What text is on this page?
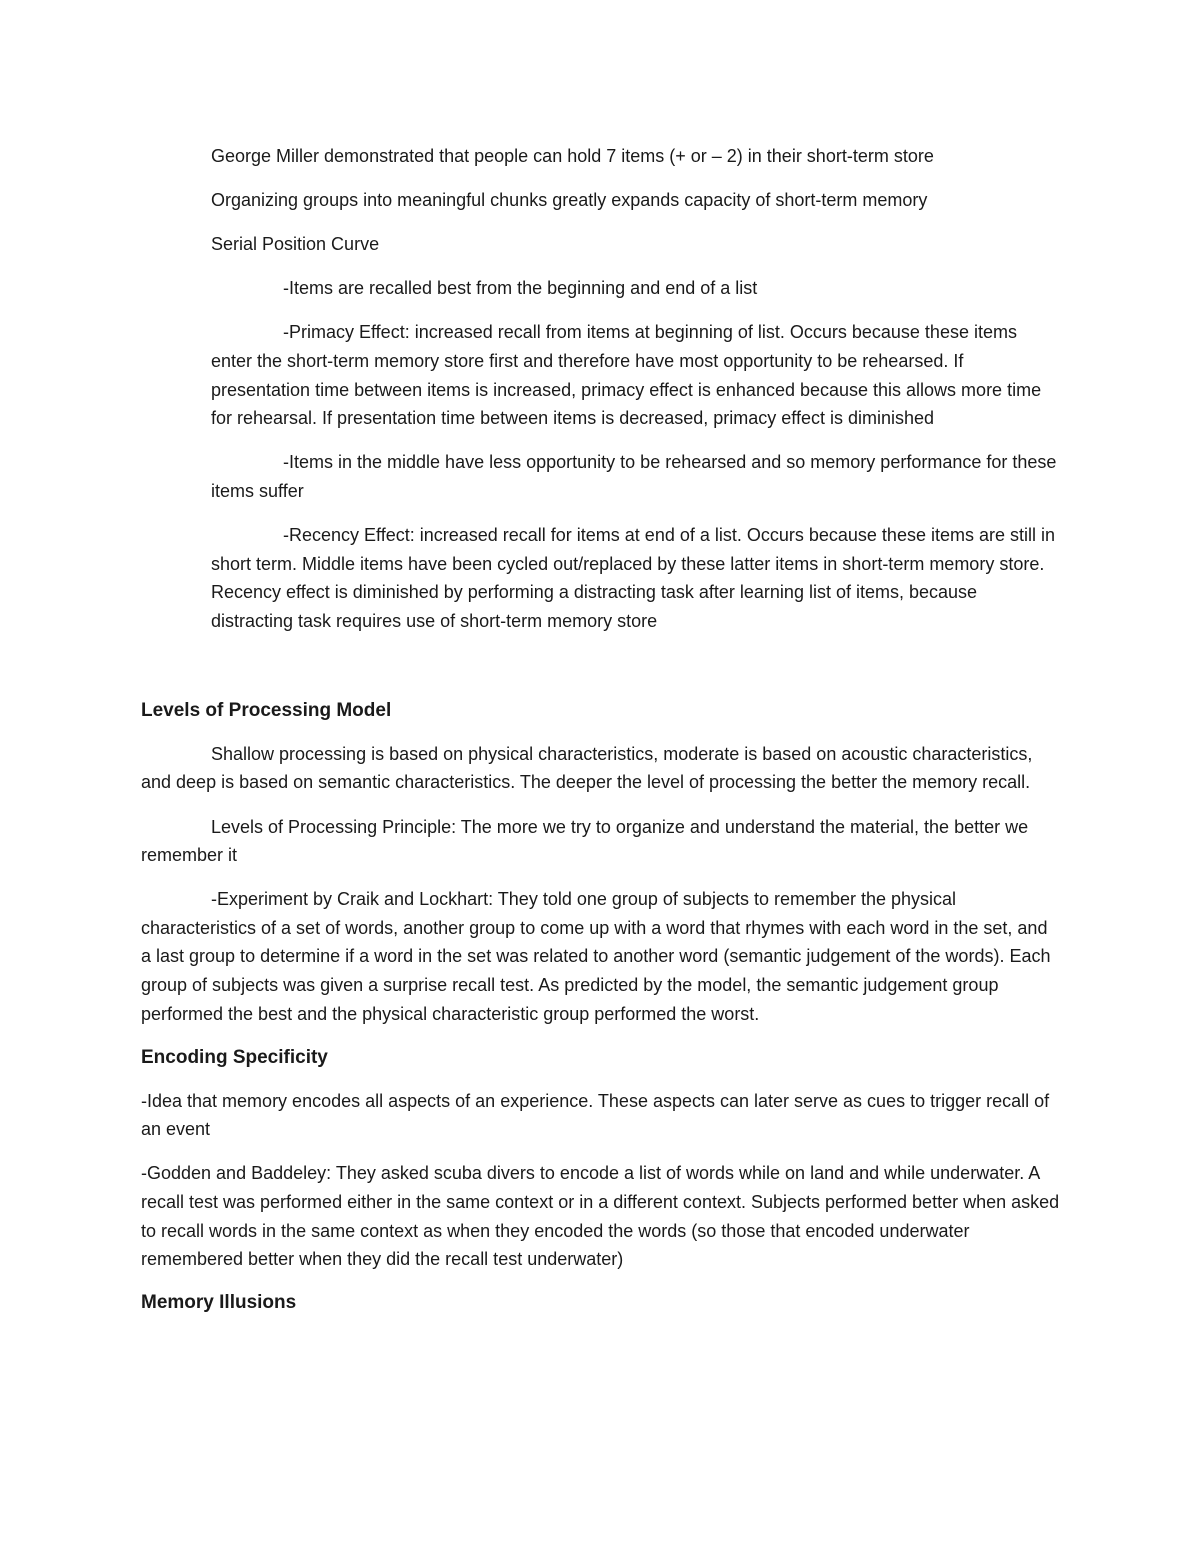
George Miller demonstrated that people can hold 7 items (+ or – 2) in their short-term store

Organizing groups into meaningful chunks greatly expands capacity of short-term memory

Serial Position Curve

-Items are recalled best from the beginning and end of a list

-Primacy Effect: increased recall from items at beginning of list. Occurs because these items enter the short-term memory store first and therefore have most opportunity to be rehearsed. If presentation time between items is increased, primacy effect is enhanced because this allows more time for rehearsal. If presentation time between items is decreased, primacy effect is diminished

-Items in the middle have less opportunity to be rehearsed and so memory performance for these items suffer

-Recency Effect: increased recall for items at end of a list. Occurs because these items are still in short term. Middle items have been cycled out/replaced by these latter items in short-term memory store. Recency effect is diminished by performing a distracting task after learning list of items, because distracting task requires use of short-term memory store

Levels of Processing Model

Shallow processing is based on physical characteristics, moderate is based on acoustic characteristics, and deep is based on semantic characteristics. The deeper the level of processing the better the memory recall.

Levels of Processing Principle: The more we try to organize and understand the material, the better we remember it

-Experiment by Craik and Lockhart: They told one group of subjects to remember the physical characteristics of a set of words, another group to come up with a word that rhymes with each word in the set, and a last group to determine if a word in the set was related to another word (semantic judgement of the words). Each group of subjects was given a surprise recall test. As predicted by the model, the semantic judgement group performed the best and the physical characteristic group performed the worst.

Encoding Specificity

-Idea that memory encodes all aspects of an experience. These aspects can later serve as cues to trigger recall of an event

-Godden and Baddeley: They asked scuba divers to encode a list of words while on land and while underwater. A recall test was performed either in the same context or in a different context. Subjects performed better when asked to recall words in the same context as when they encoded the words (so those that encoded underwater remembered better when they did the recall test underwater)

Memory Illusions
